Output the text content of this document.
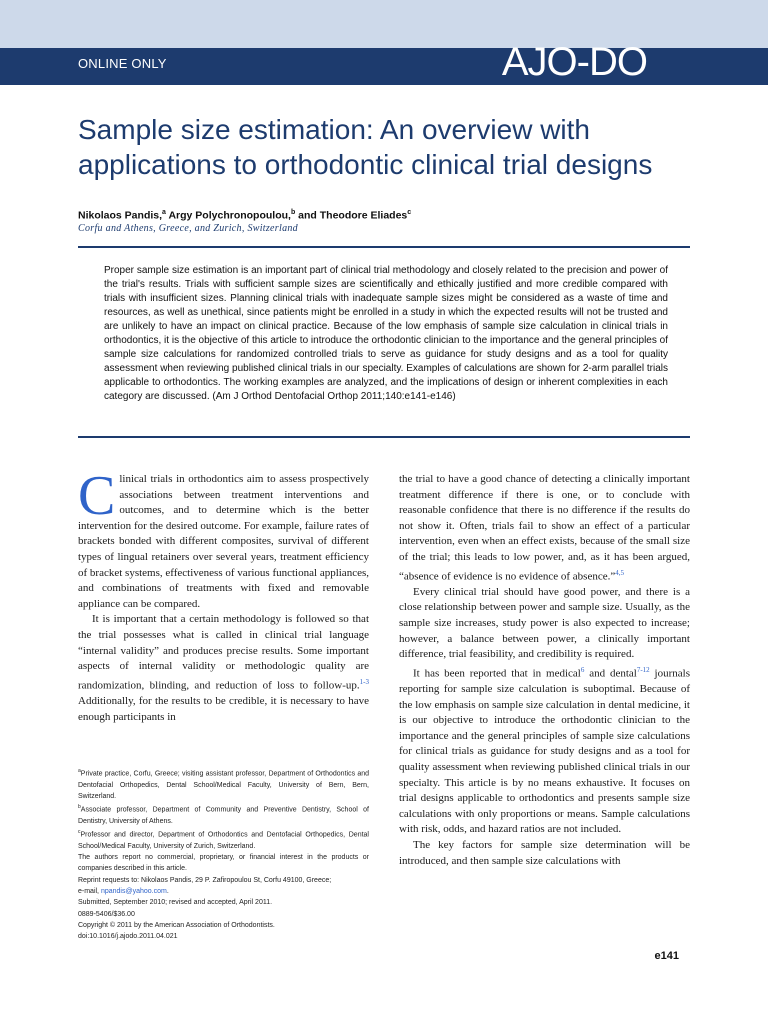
ONLINE ONLY	AJO-DO
Sample size estimation: An overview with applications to orthodontic clinical trial designs
Nikolaos Pandis,$^a$ Argy Polychronopoulou,$^b$ and Theodore Eliades$^c$
Corfu and Athens, Greece, and Zurich, Switzerland

Proper sample size estimation is an important part of clinical trial methodology and closely related to the precision and power of the trial's results. Trials with sufficient sample sizes are scientifically and ethically justified and more credible compared with trials with insufficient sizes. Planning clinical trials with inadequate sample sizes might be considered as a waste of time and resources, as well as unethical, since patients might be enrolled in a study in which the expected results will not be trusted and are unlikely to have an impact on clinical practice. Because of the low emphasis of sample size calculation in clinical trials in orthodontics, it is the objective of this article to introduce the orthodontic clinician to the importance and the general principles of sample size calculations for randomized controlled trials to serve as guidance for study designs and as a tool for quality assessment when reviewing published clinical trials in our specialty. Examples of calculations are shown for 2-arm parallel trials applicable to orthodontics. The working examples are analyzed, and the implications of design or inherent complexities in each category are discussed. (Am J Orthod Dentofacial Orthop 2011;140:e141-e146)

Clinical trials in orthodontics aim to assess prospectively associations between treatment interventions and outcomes, and to determine which is the better intervention for the desired outcome. For example, failure rates of brackets bonded with different composites, survival of different types of lingual retainers over several years, treatment efficiency of bracket systems, effectiveness of various functional appliances, and combinations of treatments with fixed and removable appliance can be compared.

It is important that a certain methodology is followed so that the trial possesses what is called in clinical trial language “internal validity” and produces precise results. Some important aspects of internal validity or methodologic quality are randomization, blinding, and reduction of loss to follow-up.$^{1-3}$ Additionally, for the results to be credible, it is necessary to have enough participants in

$^a$Private practice, Corfu, Greece; visiting assistant professor, Department of Orthodontics and Dentofacial Orthopedics, Dental School/Medical Faculty, University of Bern, Bern, Switzerland.
$^b$Associate professor, Department of Community and Preventive Dentistry, School of Dentistry, University of Athens.
$^c$Professor and director, Department of Orthodontics and Dentofacial Orthopedics, Dental School/Medical Faculty, University of Zurich, Switzerland.
The authors report no commercial, proprietary, or financial interest in the products or companies described in this article.
Reprint requests to: Nikolaos Pandis, 29 P. Zafiropoulou St, Corfu 49100, Greece;
e-mail, npandis@yahoo.com.
Submitted, September 2010; revised and accepted, April 2011.
0889-5406/$36.00
Copyright © 2011 by the American Association of Orthodontists.
doi:10.1016/j.ajodo.2011.04.021

the trial to have a good chance of detecting a clinically important treatment difference if there is one, or to conclude with reasonable confidence that there is no difference if the results do not show it. Often, trials fail to show an effect of a particular intervention, even when an effect exists, because of the small size of the trial; this leads to low power, and, as it has been argued, “absence of evidence is no evidence of absence.”$^{4,5}$

Every clinical trial should have good power, and there is a close relationship between power and sample size. Usually, as the sample size increases, study power is also expected to increase; however, a balance between power, a clinically important difference, trial feasibility, and credibility is required.

It has been reported that in medical$^6$ and dental$^{7-12}$ journals reporting for sample size calculation is suboptimal. Because of the low emphasis on sample size calculation in dental medicine, it is our objective to introduce the orthodontic clinician to the importance and the general principles of sample size calculations for clinical trials as guidance for study designs and as a tool for quality assessment when reviewing published clinical trials in our specialty. This article is by no means exhaustive. It focuses on trial designs applicable to orthodontics and presents sample size calculations with only proportions or means. Sample calculations with risk, odds, and hazard ratios are not included.

The key factors for sample size determination will be introduced, and then sample size calculations with

e141
